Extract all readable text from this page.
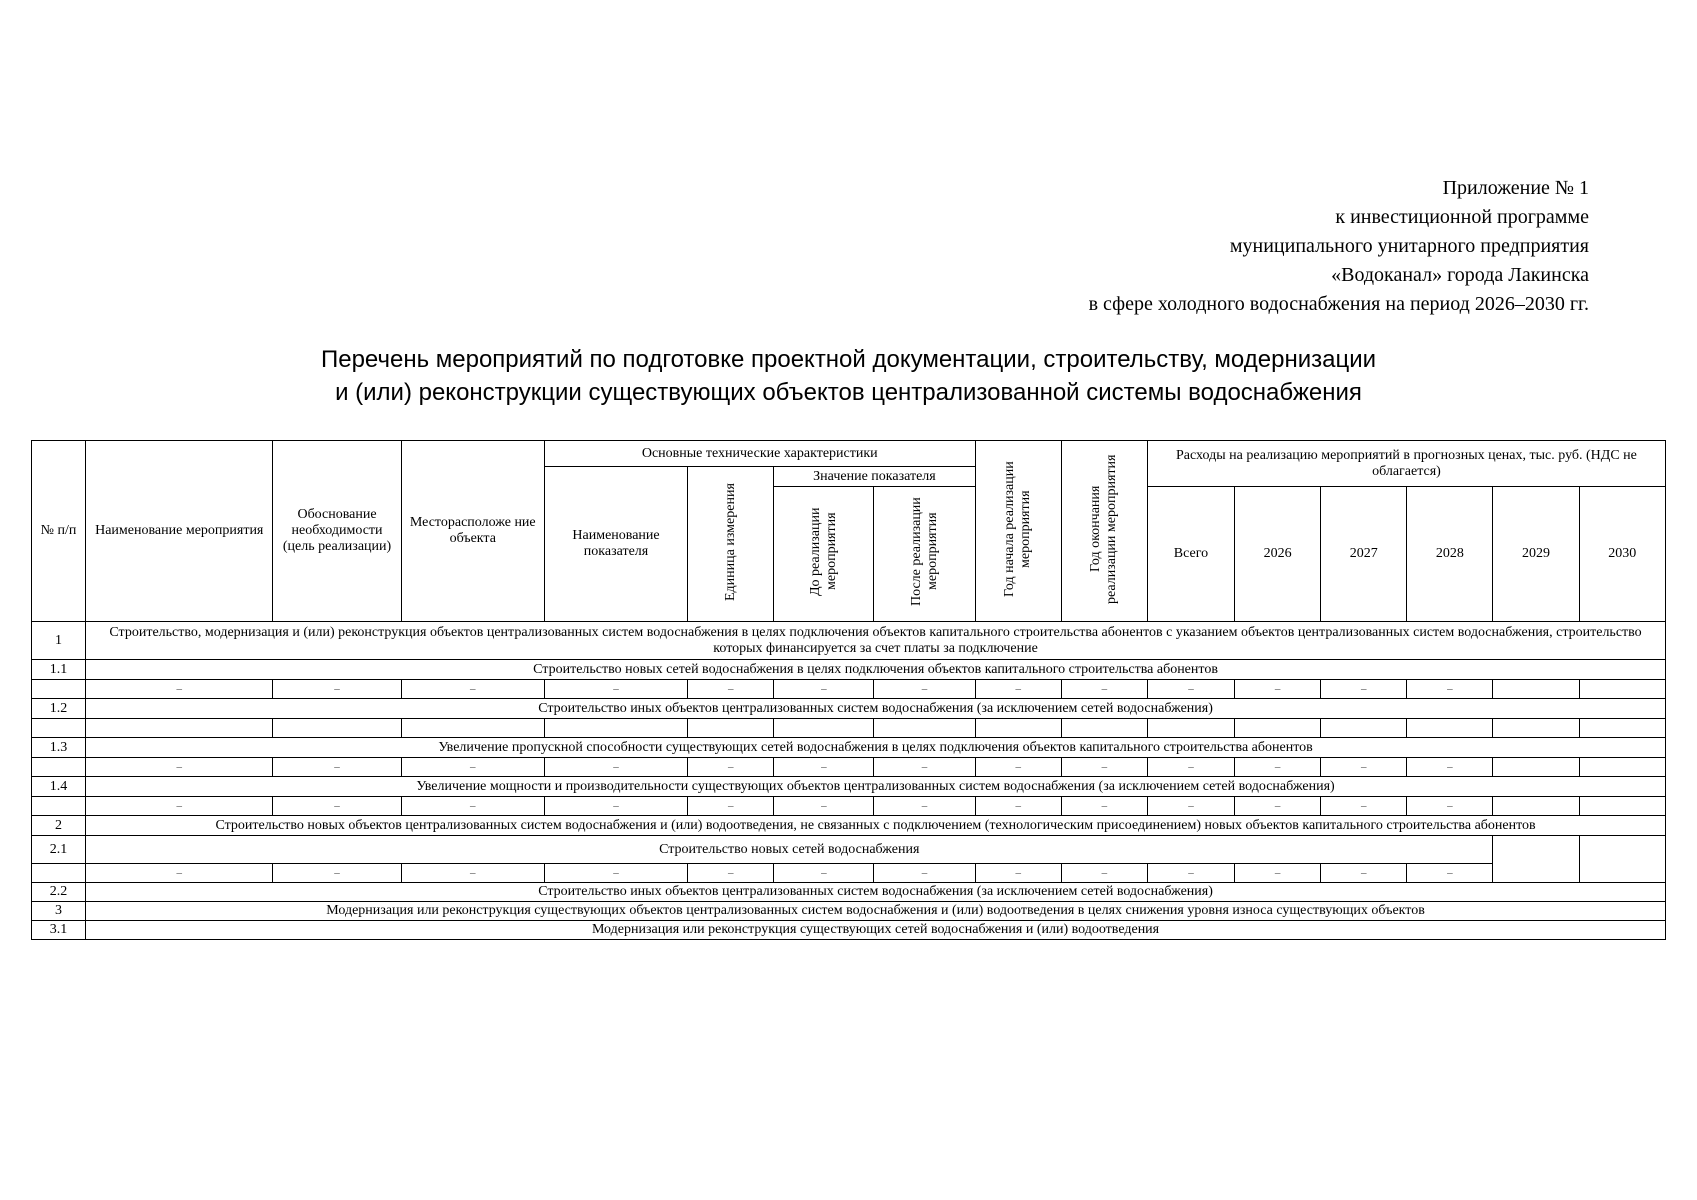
Приложение № 1
к инвестиционной программе
муниципального унитарного предприятия
«Водоканал» города Лакинска
в сфере холодного водоснабжения на период 2026–2030 гг.
Перечень мероприятий по подготовке проектной документации, строительству, модернизации
и (или) реконструкции существующих объектов централизованной системы водоснабжения
№ п/п	Наименование мероприятия	Обоснование необходимости (цель реализации)	Месторасположе ние объекта	Основные технические характеристики				Год начала реализации мероприятия	Год окончания реализации мероприятия	Расходы на реализацию мероприятий в прогнозных ценах, тыс. руб. (НДС не облагается)					
				Наименование показателя	Единица измерения	Значение показателя									
						До реализации мероприятия	После реализации мероприятия			Всего	2026	2027	2028	2029	2030
1	Строительство, модернизация и (или) реконструкция объектов централизованных систем водоснабжения в целях подключения объектов капитального строительства абонентов с указанием объектов централизованных систем водоснабжения, строительство которых финансируется за счет платы за подключение														
1.1	Строительство новых сетей водоснабжения в целях подключения объектов капитального строительства абонентов														
	–	–	–	–	–	–	–	–	–	–	–	–	–		
1.2	Строительство иных объектов централизованных систем водоснабжения (за исключением сетей водоснабжения)														

1.3	Увеличение пропускной способности существующих сетей водоснабжения в целях подключения объектов капитального строительства абонентов														
	–	–	–	–	–	–	–	–	–	–	–	–	–		
1.4	Увеличение мощности и производительности существующих объектов централизованных систем водоснабжения (за исключением сетей водоснабжения)														
	–	–	–	–	–	–	–	–	–	–	–	–	–		
2	Строительство новых объектов централизованных систем водоснабжения и (или) водоотведения, не связанных с подключением (технологическим присоединением) новых объектов капитального строительства абонентов														
2.1	Строительство новых сетей водоснабжения														
	–	–	–	–	–	–	–	–	–	–	–	–	–		
2.2	Строительство иных объектов централизованных систем водоснабжения (за исключением сетей водоснабжения)														
3	Модернизация или реконструкция существующих объектов централизованных систем водоснабжения и (или) водоотведения в целях снижения уровня износа существующих объектов														
3.1	Модернизация или реконструкция существующих сетей водоснабжения и (или) водоотведения														
